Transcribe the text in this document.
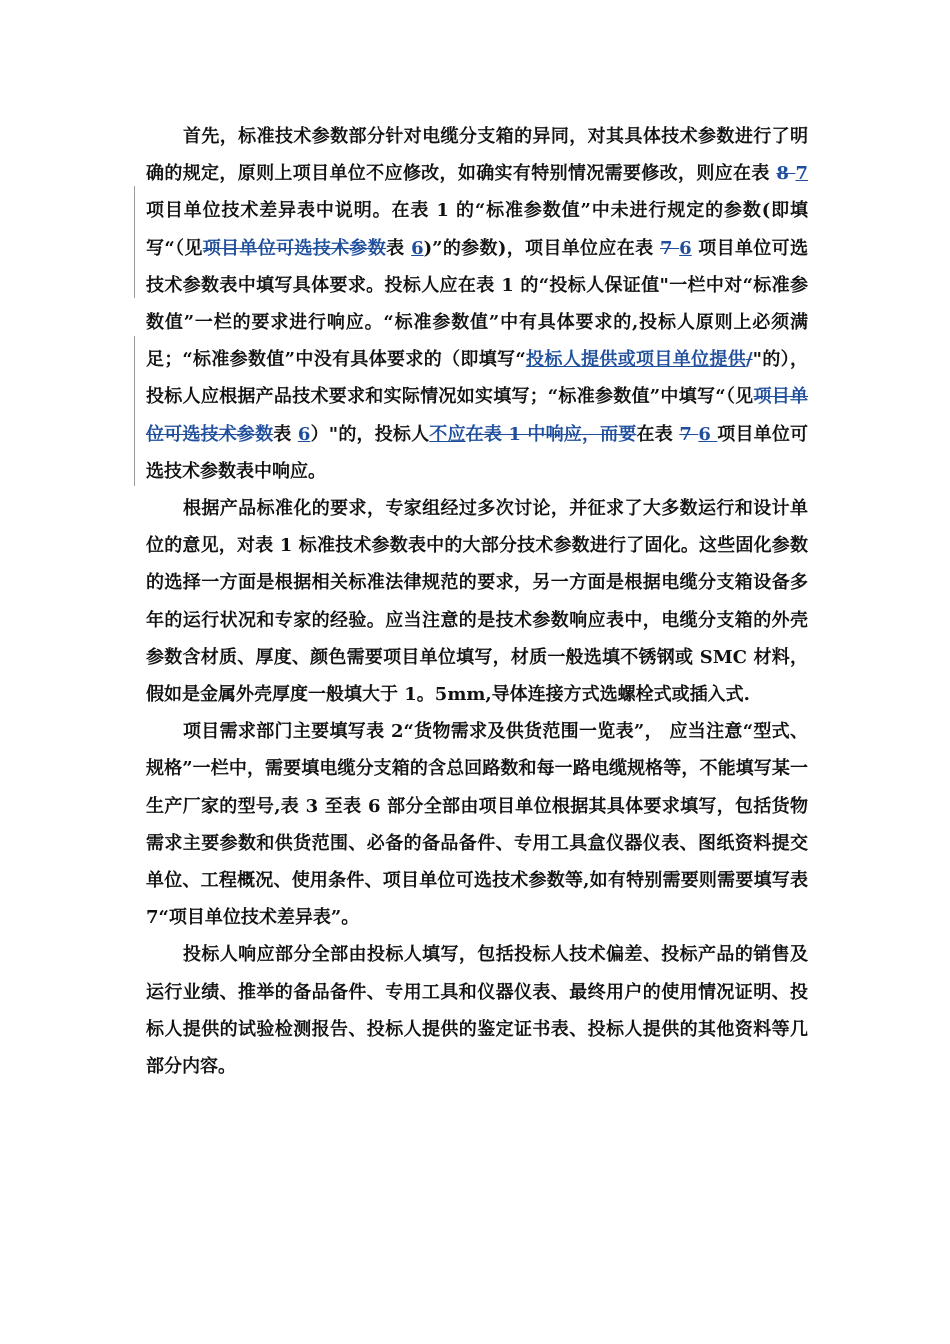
首先，标准技术参数部分针对电缆分支箱的异同，对其具体技术参数进行了明确的规定，原则上项目单位不应修改，如确实有特别情况需要修改，则应在表 8 7 项目单位技术差异表中说明。在表 1 的“标准参数值”中未进行规定的参数(即填写“（见项目单位可选技术参数表 6)”的参数)，项目单位应在表 7 6 项目单位可选技术参数表中填写具体要求。投标人应在表 1 的“投标人保证值"一栏中对“标准参数值”一栏的要求进行响应。“标准参数值”中有具体要求的,投标人原则上必须满足；“标准参数值”中没有具体要求的（即填写“投标人提供或项目单位提供/"的），投标人应根据产品技术要求和实际情况如实填写；“标准参数值”中填写“（见项目单位可选技术参数表 6）"的，投标人不应在表 1 中响应，而要在表 7 6 项目单位可选技术参数表中响应。

根据产品标准化的要求，专家组经过多次讨论，并征求了大多数运行和设计单位的意见，对表 1 标准技术参数表中的大部分技术参数进行了固化。这些固化参数的选择一方面是根据相关标准法律规范的要求，另一方面是根据电缆分支箱设备多年的运行状况和专家的经验。应当注意的是技术参数响应表中，电缆分支箱的外壳参数含材质、厚度、颜色需要项目单位填写，材质一般选填不锈钢或 SMC 材料，假如是金属外壳厚度一般填大于 1。5mm,导体连接方式选螺栓式或插入式.

项目需求部门主要填写表 2“货物需求及供货范围一览表”， 应当注意“型式、规格”一栏中，需要填电缆分支箱的含总回路数和每一路电缆规格等，不能填写某一生产厂家的型号,表 3 至表 6 部分全部由项目单位根据其具体要求填写，包括货物需求主要参数和供货范围、必备的备品备件、专用工具盒仪器仪表、图纸资料提交单位、工程概况、使用条件、项目单位可选技术参数等,如有特别需要则需要填写表 7“项目单位技术差异表”。

投标人响应部分全部由投标人填写，包括投标人技术偏差、投标产品的销售及运行业绩、推举的备品备件、专用工具和仪器仪表、最终用户的使用情况证明、投标人提供的试验检测报告、投标人提供的鉴定证书表、投标人提供的其他资料等几部分内容。
